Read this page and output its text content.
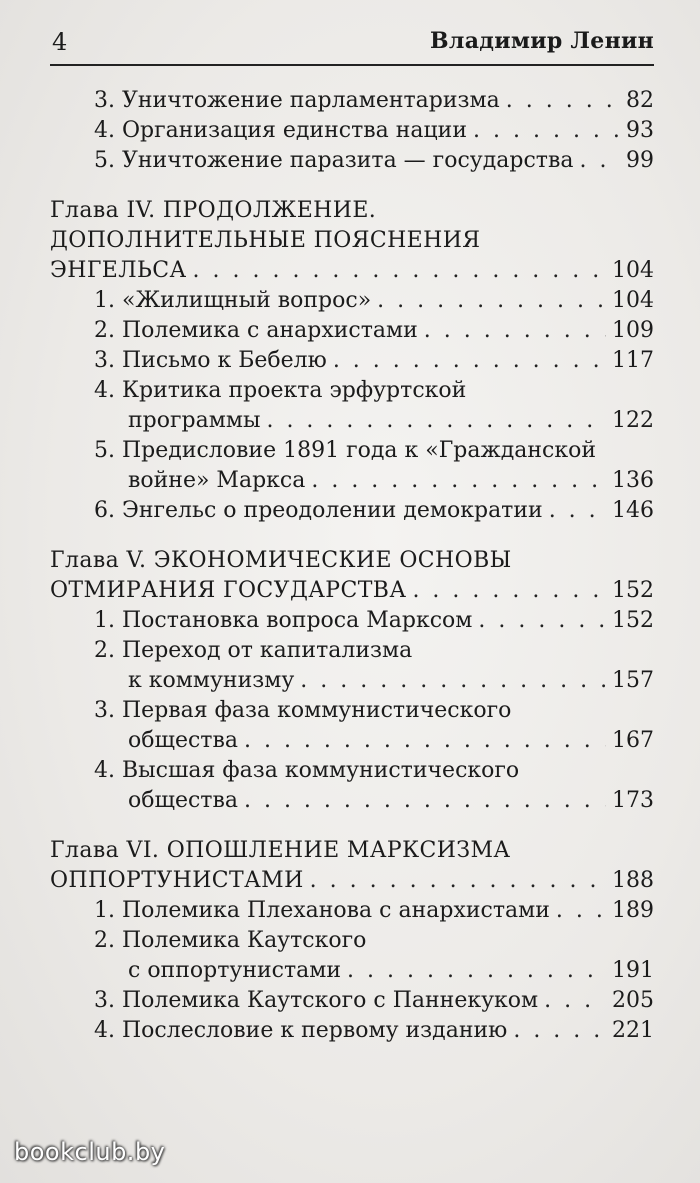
4	Владимир Ленин
3. Уничтожение парламентаризма . . .	82
4. Организация единства нации . . .	93
5. Уничтожение паразита — государства . . . 99
Глава IV. ПРОДОЛЖЕНИЕ.
ДОПОЛНИТЕЛЬНЫЕ ПОЯСНЕНИЯ
ЭНГЕЛЬСА . . .	104
1. «Жилищный вопрос» . . .	104
2. Полемика с анархистами . . .	109
3. Письмо к Бебелю . . .	117
4. Критика проекта эрфуртской
программы . . .	122
5. Предисловие 1891 года к «Гражданской
войне» Маркса . . .	136
6. Энгельс о преодолении демократии . . .	146
Глава V. ЭКОНОМИЧЕСКИЕ ОСНОВЫ
ОТМИРАНИЯ ГОСУДАРСТВА . . .	152
1. Постановка вопроса Марксом . . .	152
2. Переход от капитализма
к коммунизму . . .	157
3. Первая фаза коммунистического
общества . . .	167
4. Высшая фаза коммунистического
общества . . .	173
Глава VI. ОПОШЛЕНИЕ МАРКСИЗМА
ОППОРТУНИСТАМИ . . .	188
1. Полемика Плеханова с анархистами . . .	189
2. Полемика Каутского
с оппортунистами . . .	191
3. Полемика Каутского с Паннекуком . . .	205
4. Послесловие к первому изданию . . .	221
bookclub.by
